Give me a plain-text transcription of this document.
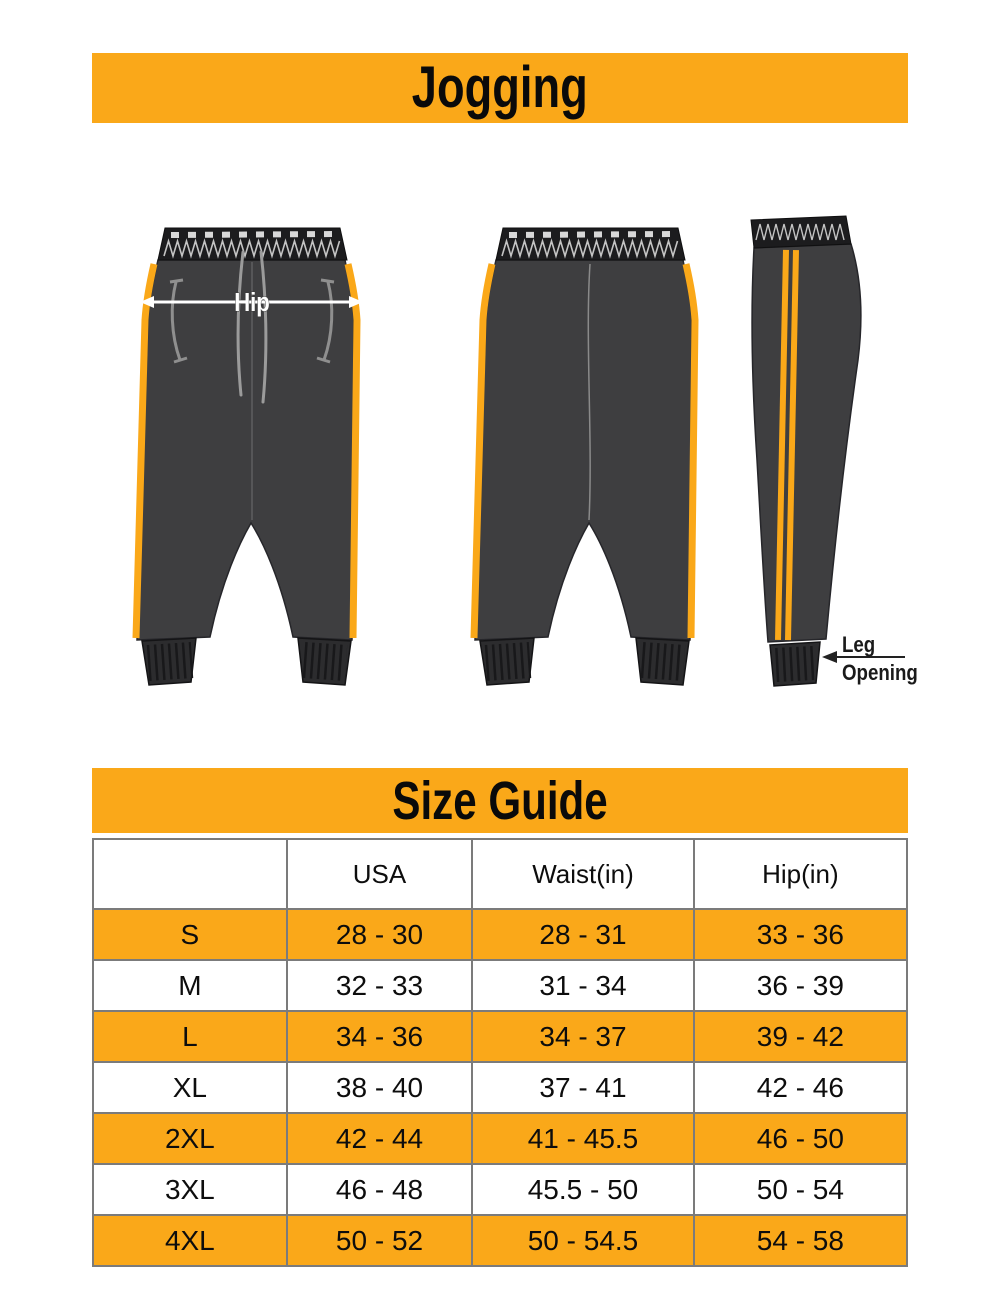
Jogging
Hip
Leg
Opening
Size Guide
	USA	Waist(in)	Hip(in)
S	28 - 30	28 - 31	33 - 36
M	32 - 33	31 - 34	36 - 39
L	34 - 36	34 - 37	39 - 42
XL	38 - 40	37 - 41	42 - 46
2XL	42 - 44	41 - 45.5	46 - 50
3XL	46 - 48	45.5 - 50	50 - 54
4XL	50 - 52	50 - 54.5	54 - 58
